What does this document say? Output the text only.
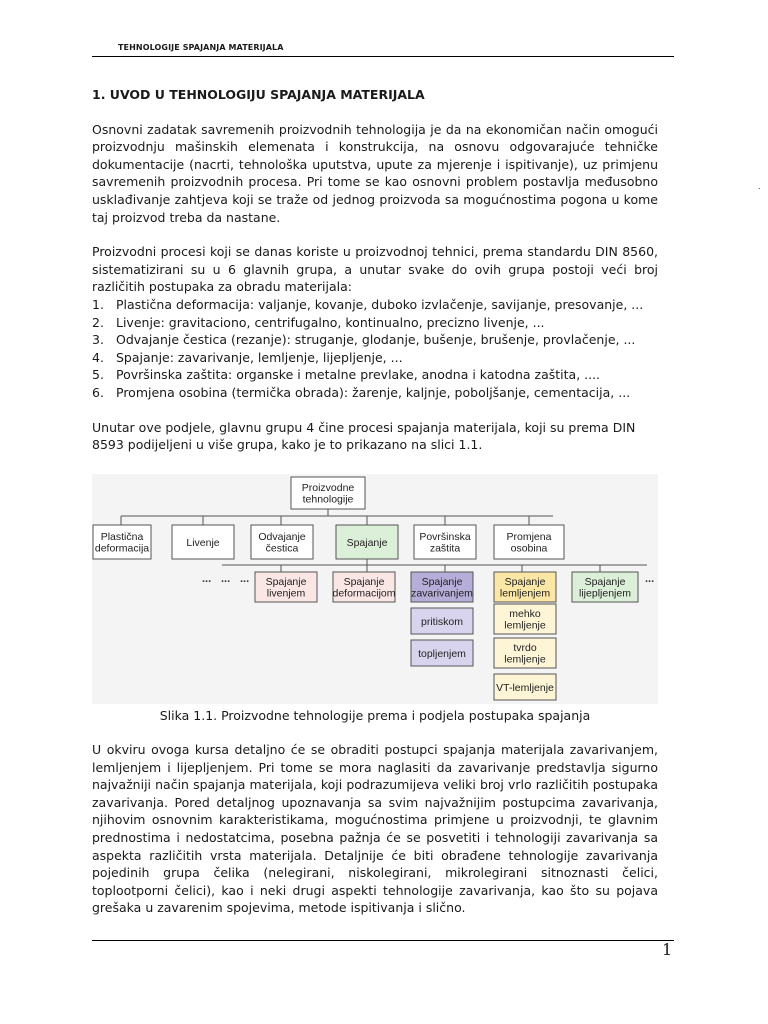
TEHNOLOGIJE SPAJANJA MATERIJALA
.
1. UVOD U TEHNOLOGIJU SPAJANJA MATERIJALA

Osnovni zadatak savremenih proizvodnih tehnologija je da na ekonomičan način omogući proizvodnju mašinskih elemenata i konstrukcija, na osnovu odgovarajuće tehničke dokumentacije (nacrti, tehnološka uputstva, upute za mjerenje i ispitivanje), uz primjenu savremenih proizvodnih procesa. Pri tome se kao osnovni problem postavlja međusobno usklađivanje zahtjeva koji se traže od jednog proizvoda sa mogućnostima pogona u kome taj proizvod treba da nastane.

Proizvodni procesi koji se danas koriste u proizvodnoj tehnici, prema standardu DIN 8560, sistematizirani su u 6 glavnih grupa, a unutar svake do ovih grupa postoji veći broj različitih postupaka za obradu materijala:

1. Plastična deformacija: valjanje, kovanje, duboko izvlačenje, savijanje, presovanje, ...
2. Livenje: gravitaciono, centrifugalno, kontinualno, precizno livenje, ...
3. Odvajanje čestica (rezanje): struganje, glodanje, bušenje, brušenje, provlačenje, ...
4. Spajanje: zavarivanje, lemljenje, lijepljenje, ...
5. Površinska zaštita: organske i metalne prevlake, anodna i katodna zaštita, ....
6. Promjena osobina (termička obrada): žarenje, kaljnje, poboljšanje, cementacija, ...

Unutar ove podjele, glavnu grupu 4 čine procesi spajanja materijala, koji su prema DIN 8593 podijeljeni u više grupa, kako je to prikazano na slici 1.1.

... ... ...	...
Proizvodne
tehnologije
Plastična
deformacija	Livenje	Odvajanje
čestica	Spajanje	Površinska
zaštita
Promjena
osobina
Spajanje
livenjem
Spajanje
deformacijom
Spajanje
zavarivanjem
Spajanje
lemljenjem
Spajanje
lijepljenjem
pritiskom
topljenjem
mehko
lemljenje
tvrdo
lemljenje
VT-lemljenje
Slika 1.1. Proizvodne tehnologije prema i podjela postupaka spajanja
U okviru ovoga kursa detaljno će se obraditi postupci spajanja materijala zavarivanjem, lemljenjem i lijepljenjem. Pri tome se mora naglasiti da zavarivanje predstavlja sigurno najvažniji način spajanja materijala, koji podrazumijeva veliki broj vrlo različitih postupaka zavarivanja. Pored detaljnog upoznavanja sa svim najvažnijim postupcima zavarivanja, njihovim osnovnim karakteristikama, mogućnostima primjene u proizvodnji, te glavnim prednostima i nedostatcima, posebna pažnja će se posvetiti i tehnologiji zavarivanja sa aspekta različitih vrsta materijala. Detaljnije će biti obrađene tehnologije zavarivanja pojedinih grupa čelika (nelegirani, niskolegirani, mikrolegirani sitnoznasti čelici, toplootporni čelici), kao i neki drugi aspekti tehnologije zavarivanja, kao što su pojava grešaka u zavarenim spojevima, metode ispitivanja i slično.
1
